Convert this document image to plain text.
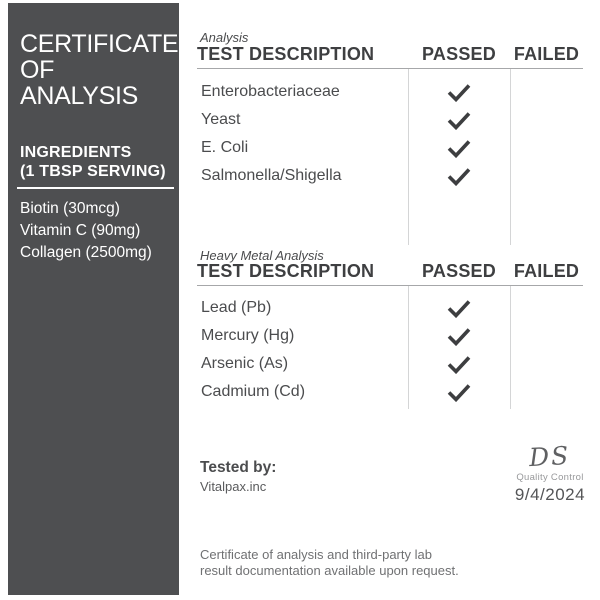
CERTIFICATE
OF ANALYSIS
INGREDIENTS
(1 TBSP SERVING)
Biotin (30mcg)
Vitamin C (90mg)
Collagen (2500mg)
Analysis
TEST DESCRIPTION	PASSED FAILED
Enterobacteriaceae
Yeast
E. Coli
Salmonella/Shigella
Heavy Metal Analysis
TEST DESCRIPTION	PASSED FAILED
Lead (Pb)
Mercury (Hg)
Arsenic (As)
Cadmium (Cd)
Tested by:
Vitalpax.inc
DS
Quality Control
9/4/2024
Certificate of analysis and third-party lab
result documentation available upon request.
